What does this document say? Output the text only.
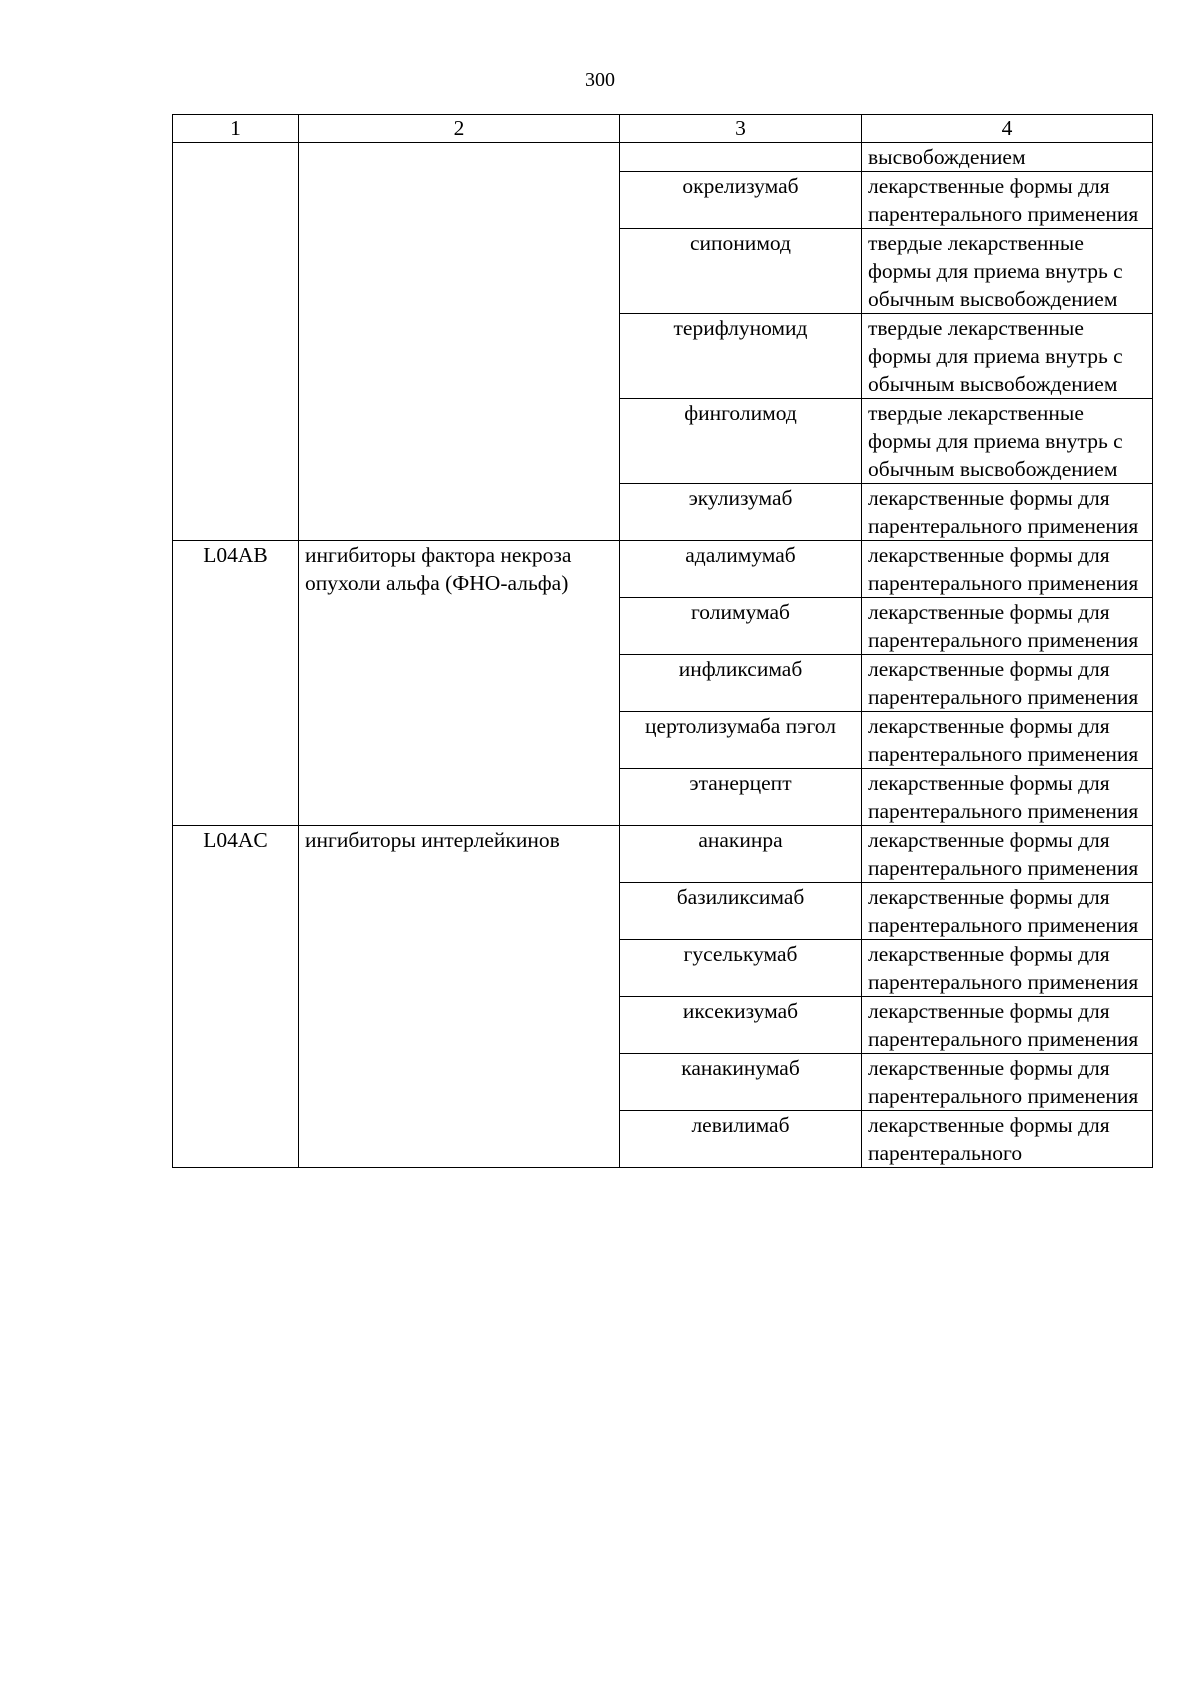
300
1	2	3	4
			высвобождением
		окрелизумаб	лекарственные формы для парентерального применения
		сипонимод	твердые лекарственные формы для приема внутрь с обычным высвобождением
		терифлуномид	твердые лекарственные формы для приема внутрь с обычным высвобождением
		финголимод	твердые лекарственные формы для приема внутрь с обычным высвобождением
		экулизумаб	лекарственные формы для парентерального применения
L04AB	ингибиторы фактора некроза опухоли альфа (ФНО-альфа)	адалимумаб	лекарственные формы для парентерального применения
		голимумаб	лекарственные формы для парентерального применения
		инфликсимаб	лекарственные формы для парентерального применения
		цертолизумаба пэгол	лекарственные формы для парентерального применения
		этанерцепт	лекарственные формы для парентерального применения
L04AC	ингибиторы интерлейкинов	анакинра	лекарственные формы для парентерального применения
		базиликсимаб	лекарственные формы для парентерального применения
		гуселькумаб	лекарственные формы для парентерального применения
		иксекизумаб	лекарственные формы для парентерального применения
		канакинумаб	лекарственные формы для парентерального применения
		левилимаб	лекарственные формы для парентерального
